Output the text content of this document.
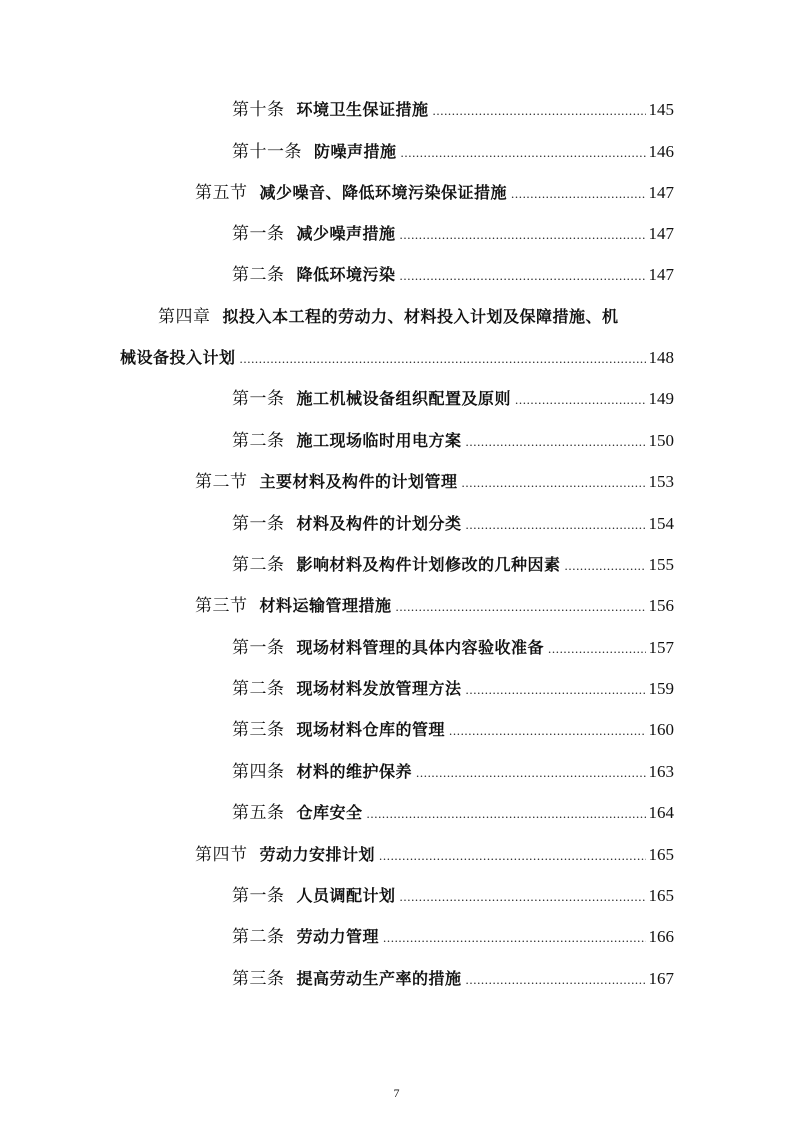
第十条 环境卫生保证措施 .....	145
第十一条 防噪声措施 .....	146
第五节 减少噪音、降低环境污染保证措施 .....	147
第一条 减少噪声措施 .....	147
第二条 降低环境污染 .....	147
第四章 拟投入本工程的劳动力、材料投入计划及保障措施、机
械设备投入计划 .....	148
第一条 施工机械设备组织配置及原则 .....	149
第二条 施工现场临时用电方案 .....	150
第二节 主要材料及构件的计划管理 .....	153
第一条 材料及构件的计划分类 .....	154
第二条 影响材料及构件计划修改的几种因素 .....	155
第三节 材料运输管理措施 .....	156
第一条 现场材料管理的具体内容验收准备 .....	157
第二条 现场材料发放管理方法 .....	159
第三条 现场材料仓库的管理 .....	160
第四条 材料的维护保养 .....	163
第五条 仓库安全 .....	164
第四节 劳动力安排计划 .....	165
第一条 人员调配计划 .....	165
第二条 劳动力管理 .....	166
第三条 提高劳动生产率的措施 .....	167
7
